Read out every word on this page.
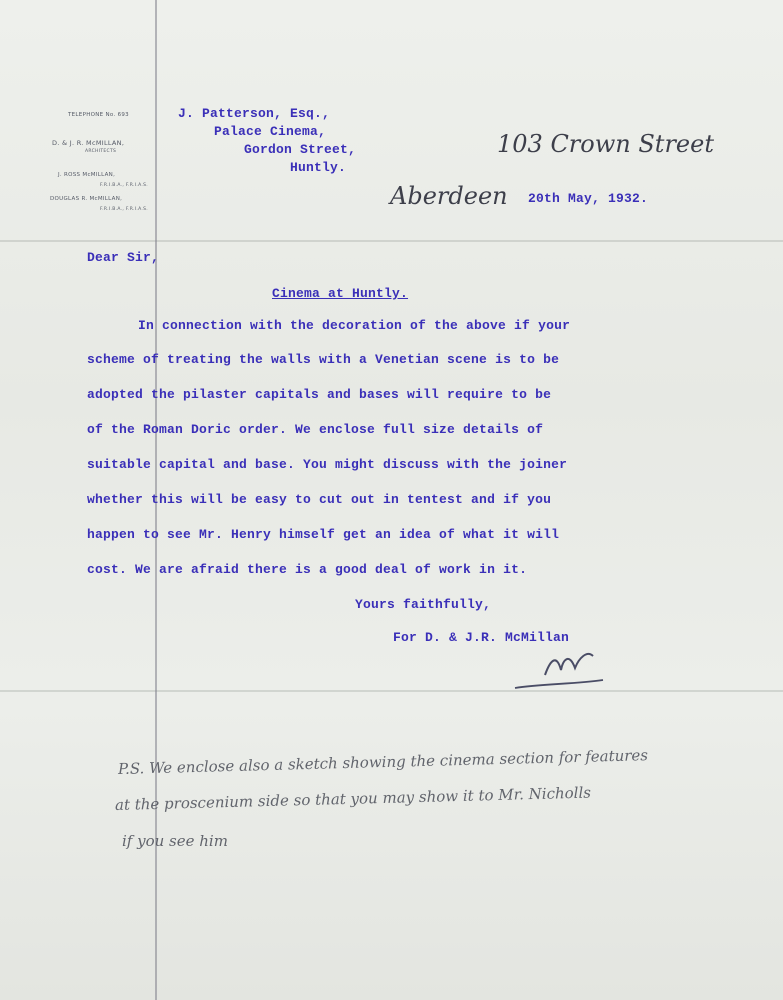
TELEPHONE No. 693
D. & J. R. McMILLAN,
ARCHITECTS
J. ROSS McMILLAN,
F.R.I.B.A., F.R.I.A.S.
DOUGLAS R. McMILLAN,
F.R.I.B.A., F.R.I.A.S.
J. Patterson, Esq.,
Palace Cinema,
Gordon Street,
Huntly.
103 Crown Street
Aberdeen 20th May, 1932.
Dear Sir,
Cinema at Huntly.
In connection with the decoration of the above if your
scheme of treating the walls with a Venetian scene is to be
adopted the pilaster capitals and bases will require to be
of the Roman Doric order. We enclose full size details of
suitable capital and base. You might discuss with the joiner
whether this will be easy to cut out in tentest and if you
happen to see Mr. Henry himself get an idea of what it will
cost. We are afraid there is a good deal of work in it.
Yours faithfully,
For D. & J.R. McMillan
P.S. We enclose also a sketch showing the cinema section for features
at the proscenium side so that you may show it to Mr. Nicholls
if you see him
